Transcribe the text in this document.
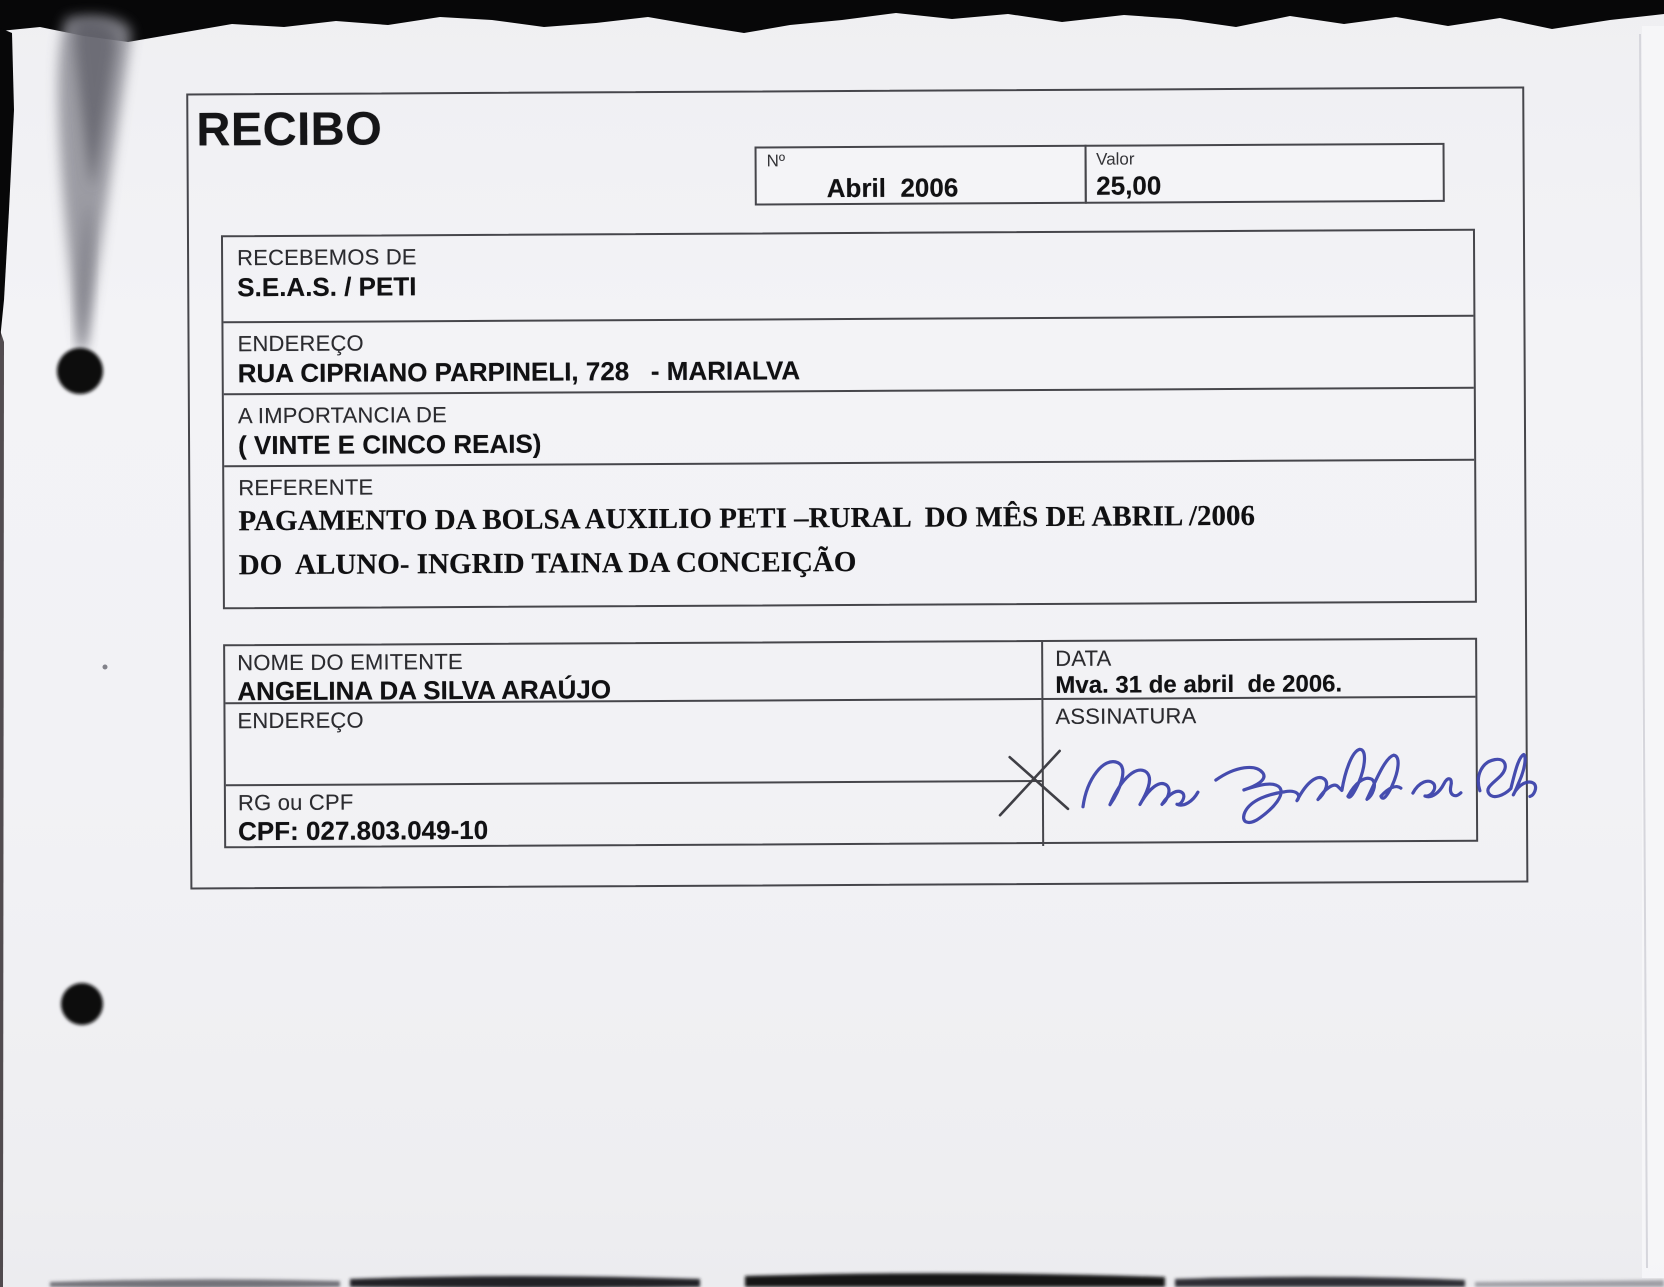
RECIBO
Nº
Abril  2006
Valor
25,00
RECEBEMOS DE
S.E.A.S. / PETI
ENDEREÇO
RUA CIPRIANO PARPINELI, 728   - MARIALVA
A IMPORTANCIA DE
( VINTE E CINCO REAIS)
REFERENTE
PAGAMENTO DA BOLSA AUXILIO PETI –RURAL  DO MÊS DE ABRIL /2006
DO  ALUNO- INGRID TAINA DA CONCEIÇÃO
NOME DO EMITENTE
ANGELINA DA SILVA ARAÚJO
DATA
Mva. 31 de abril  de 2006.
ENDEREÇO	ASSINATURA
RG ou CPF
CPF: 027.803.049-10
